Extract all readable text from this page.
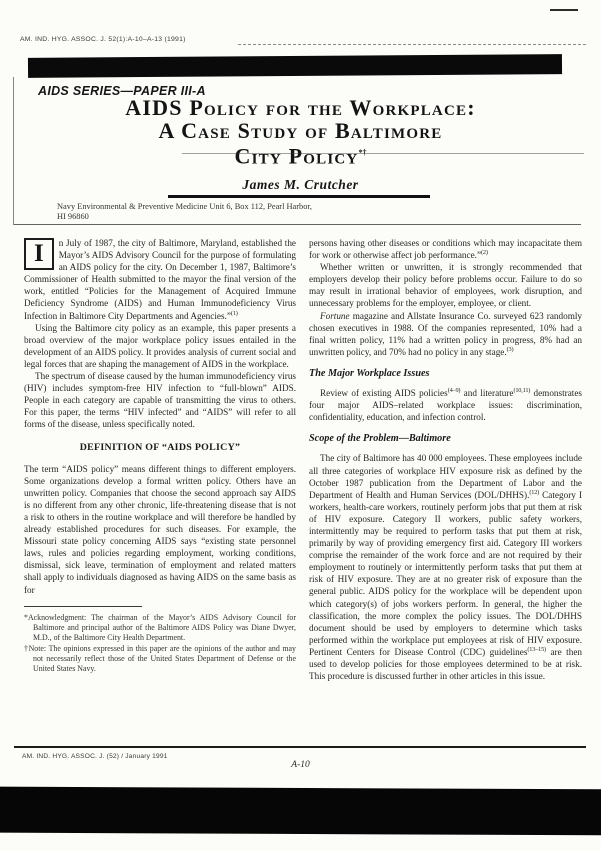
AM. IND. HYG. ASSOC. J. 52(1):A-10–A-13 (1991)
AIDS SERIES—PAPER III-A
AIDS Policy for the Workplace:
A Case Study of Baltimore
City Policy*†
James M. Crutcher
Navy Environmental & Preventive Medicine Unit 6, Box 112, Pearl Harbor,
HI 96860

I	n July of 1987, the city of Baltimore, Maryland, established the Mayor’s AIDS Advisory Council for the purpose of formulating an AIDS policy for the city. On December 1, 1987, Baltimore’s Commissioner of Health submitted to the mayor the final version of the work, entitled “Policies for the Management of Acquired Immune Deficiency Syndrome (AIDS) and Human Immunodeficiency Virus Infection in Baltimore City Departments and Agencies.”$^{(1)}$

Using the Baltimore city policy as an example, this paper presents a broad overview of the major workplace policy issues entailed in the development of an AIDS policy. It provides analysis of current social and legal forces that are shaping the management of AIDS in the workplace.

The spectrum of disease caused by the human immunodeficiency virus (HIV) includes symptom-free HIV infection to “full-blown” AIDS. People in each category are capable of transmitting the virus to others. For this paper, the terms “HIV infected” and “AIDS” will refer to all forms of the disease, unless specifically noted.

DEFINITION OF “AIDS POLICY”

The term “AIDS policy” means different things to different employers. Some organizations develop a formal written policy. Others have an unwritten policy. Companies that choose the second approach say AIDS is no different from any other chronic, life-threatening disease that is not a risk to others in the routine workplace and will therefore be handled by already established procedures for such diseases. For example, the Missouri state policy concerning AIDS says “existing state personnel laws, rules and policies regarding employment, working conditions, dismissal, sick leave, termination of employment and related matters shall apply to individuals diagnosed as having AIDS on the same basis as for

*Acknowledgment: The chairman of the Mayor’s AIDS Advisory Council for Baltimore and principal author of the Baltimore AIDS Policy was Diane Dwyer, M.D., of the Baltimore City Health Department.

†Note: The opinions expressed in this paper are the opinions of the author and may not necessarily reflect those of the United States Department of Defense or the United States Navy.

persons having other diseases or conditions which may incapacitate them for work or otherwise affect job performance.”$^{(2)}$

Whether written or unwritten, it is strongly recommended that employers develop their policy before problems occur. Failure to do so may result in irrational behavior of employees, work disruption, and unnecessary problems for the employer, employee, or client.

Fortune magazine and Allstate Insurance Co. surveyed 623 randomly chosen executives in 1988. Of the companies represented, 10% had a final written policy, 11% had a written policy in progress, 8% had an unwritten policy, and 70% had no policy in any stage.$^{(3)}$

The Major Workplace Issues

Review of existing AIDS policies$^{(4-9)}$ and literature$^{(10,11)}$ demonstrates four major AIDS–related workplace issues: discrimination, confidentiality, education, and infection control.

Scope of the Problem—Baltimore

The city of Baltimore has 40 000 employees. These employees include all three categories of workplace HIV exposure risk as defined by the October 1987 publication from the Department of Labor and the Department of Health and Human Services (DOL/DHHS).$^{(12)}$ Category I workers, health-care workers, routinely perform jobs that put them at risk of HIV exposure. Category II workers, public safety workers, intermittently may be required to perform tasks that put them at risk, primarily by way of providing emergency first aid. Category III workers comprise the remainder of the work force and are not required by their employment to routinely or intermittently perform tasks that put them at risk of HIV exposure. They are at no greater risk of exposure than the general public. AIDS policy for the workplace will be dependent upon which category(s) of jobs workers perform. In general, the higher the classification, the more complex the policy issues. The DOL/DHHS document should be used by employers to determine which tasks performed within the workplace put employees at risk of HIV exposure. Pertinent Centers for Disease Control (CDC) guidelines$^{(13-15)}$ are then used to develop policies for those employees determined to be at risk. This procedure is discussed further in other articles in this issue.

AM. IND. HYG. ASSOC. J. (52) / January 1991
A-10
